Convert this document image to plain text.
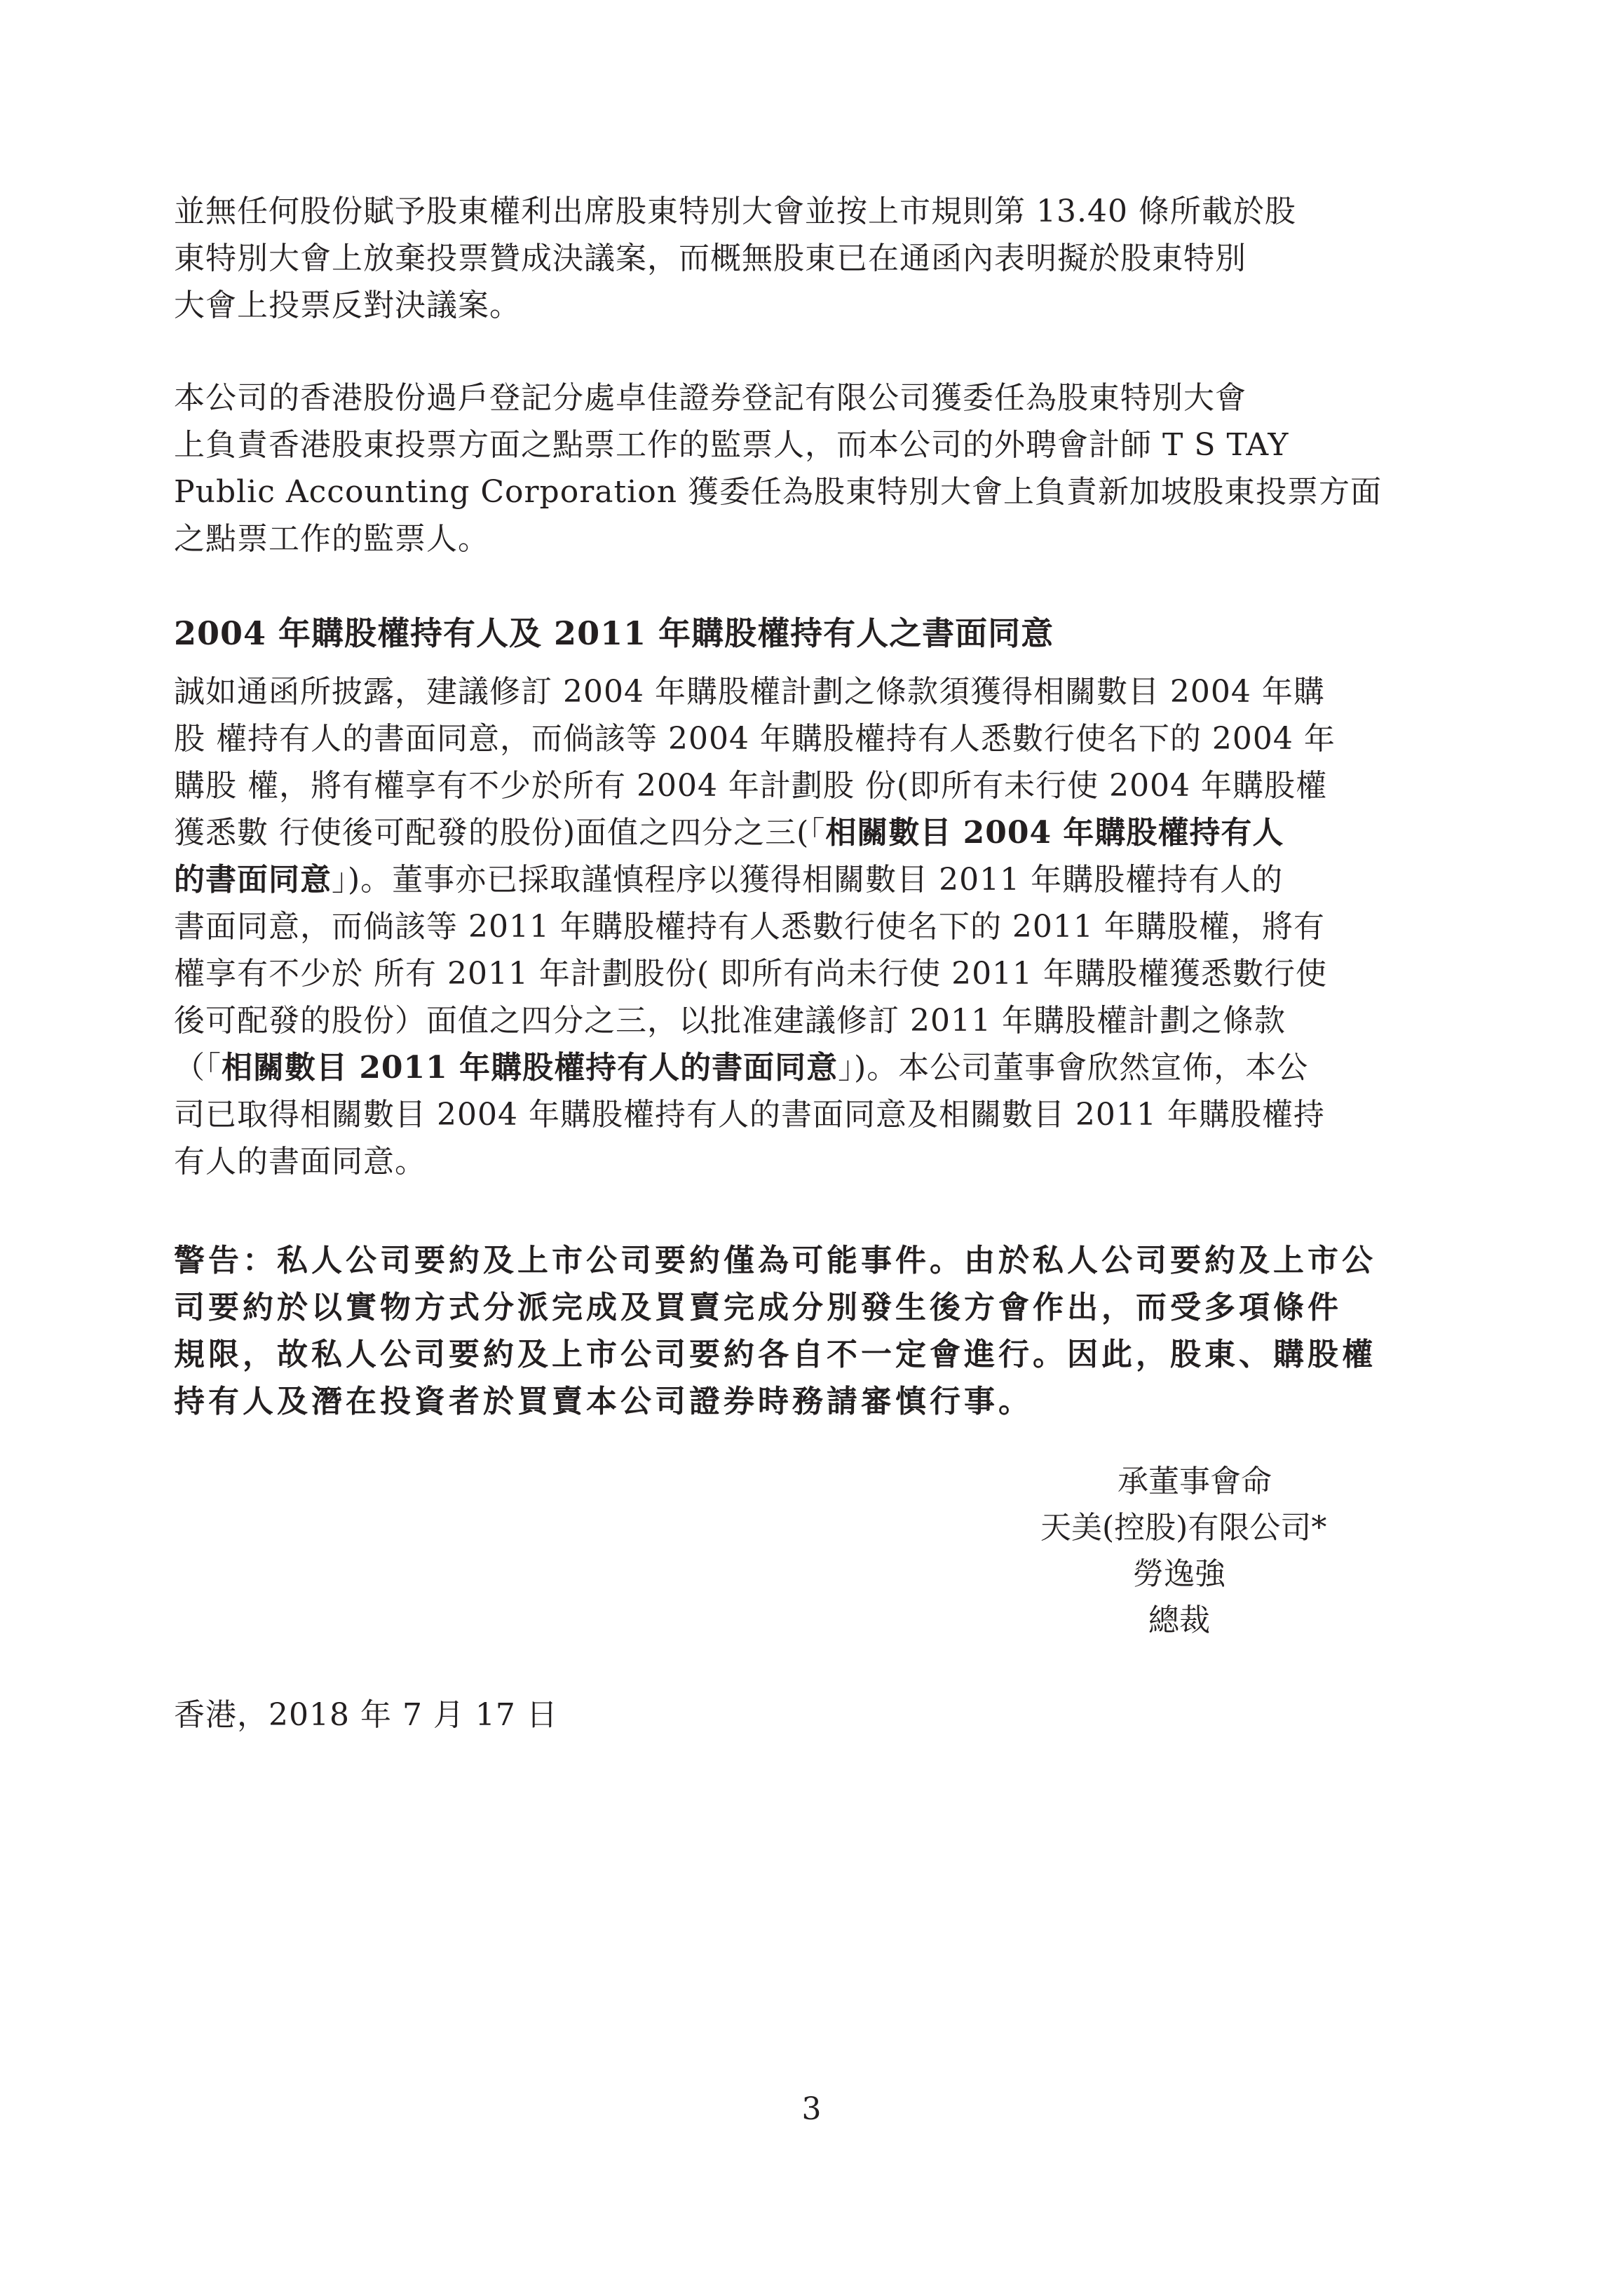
並無任何股份賦予股東權利出席股東特別大會並按上市規則第 13.40 條所載於股
東特別大會上放棄投票贊成決議案，而概無股東已在通函內表明擬於股東特別
大會上投票反對決議案。
本公司的香港股份過戶登記分處卓佳證券登記有限公司獲委任為股東特別大會
上負責香港股東投票方面之點票工作的監票人，而本公司的外聘會計師 T S TAY
Public Accounting Corporation 獲委任為股東特別大會上負責新加坡股東投票方面
之點票工作的監票人。
2004 年購股權持有人及 2011 年購股權持有人之書面同意
誠如通函所披露，建議修訂 2004 年購股權計劃之條款須獲得相關數目 2004 年購
股 權持有人的書面同意，而倘該等 2004 年購股權持有人悉數行使名下的 2004 年
購股 權，將有權享有不少於所有 2004 年計劃股 份(即所有未行使 2004 年購股權
獲悉數 行使後可配發的股份)面值之四分之三(「相關數目 2004 年購股權持有人
的書面同意」)。董事亦已採取謹慎程序以獲得相關數目 2011 年購股權持有人的
書面同意，而倘該等 2011 年購股權持有人悉數行使名下的 2011 年購股權，將有
權享有不少於 所有 2011 年計劃股份( 即所有尚未行使 2011 年購股權獲悉數行使
後可配發的股份）面值之四分之三，以批准建議修訂 2011 年購股權計劃之條款
（「相關數目 2011 年購股權持有人的書面同意」)。本公司董事會欣然宣佈，本公
司已取得相關數目 2004 年購股權持有人的書面同意及相關數目 2011 年購股權持
有人的書面同意。
警告：私人公司要約及上市公司要約僅為可能事件。由於私人公司要約及上市公
司要約於以實物方式分派完成及買賣完成分別發生後方會作出，而受多項條件
規限，故私人公司要約及上市公司要約各自不一定會進行。因此，股東、購股權
持有人及潛在投資者於買賣本公司證券時務請審慎行事。
承董事會命
天美(控股)有限公司*
勞逸強
總裁
香港，2018 年 7 月 17 日
3
